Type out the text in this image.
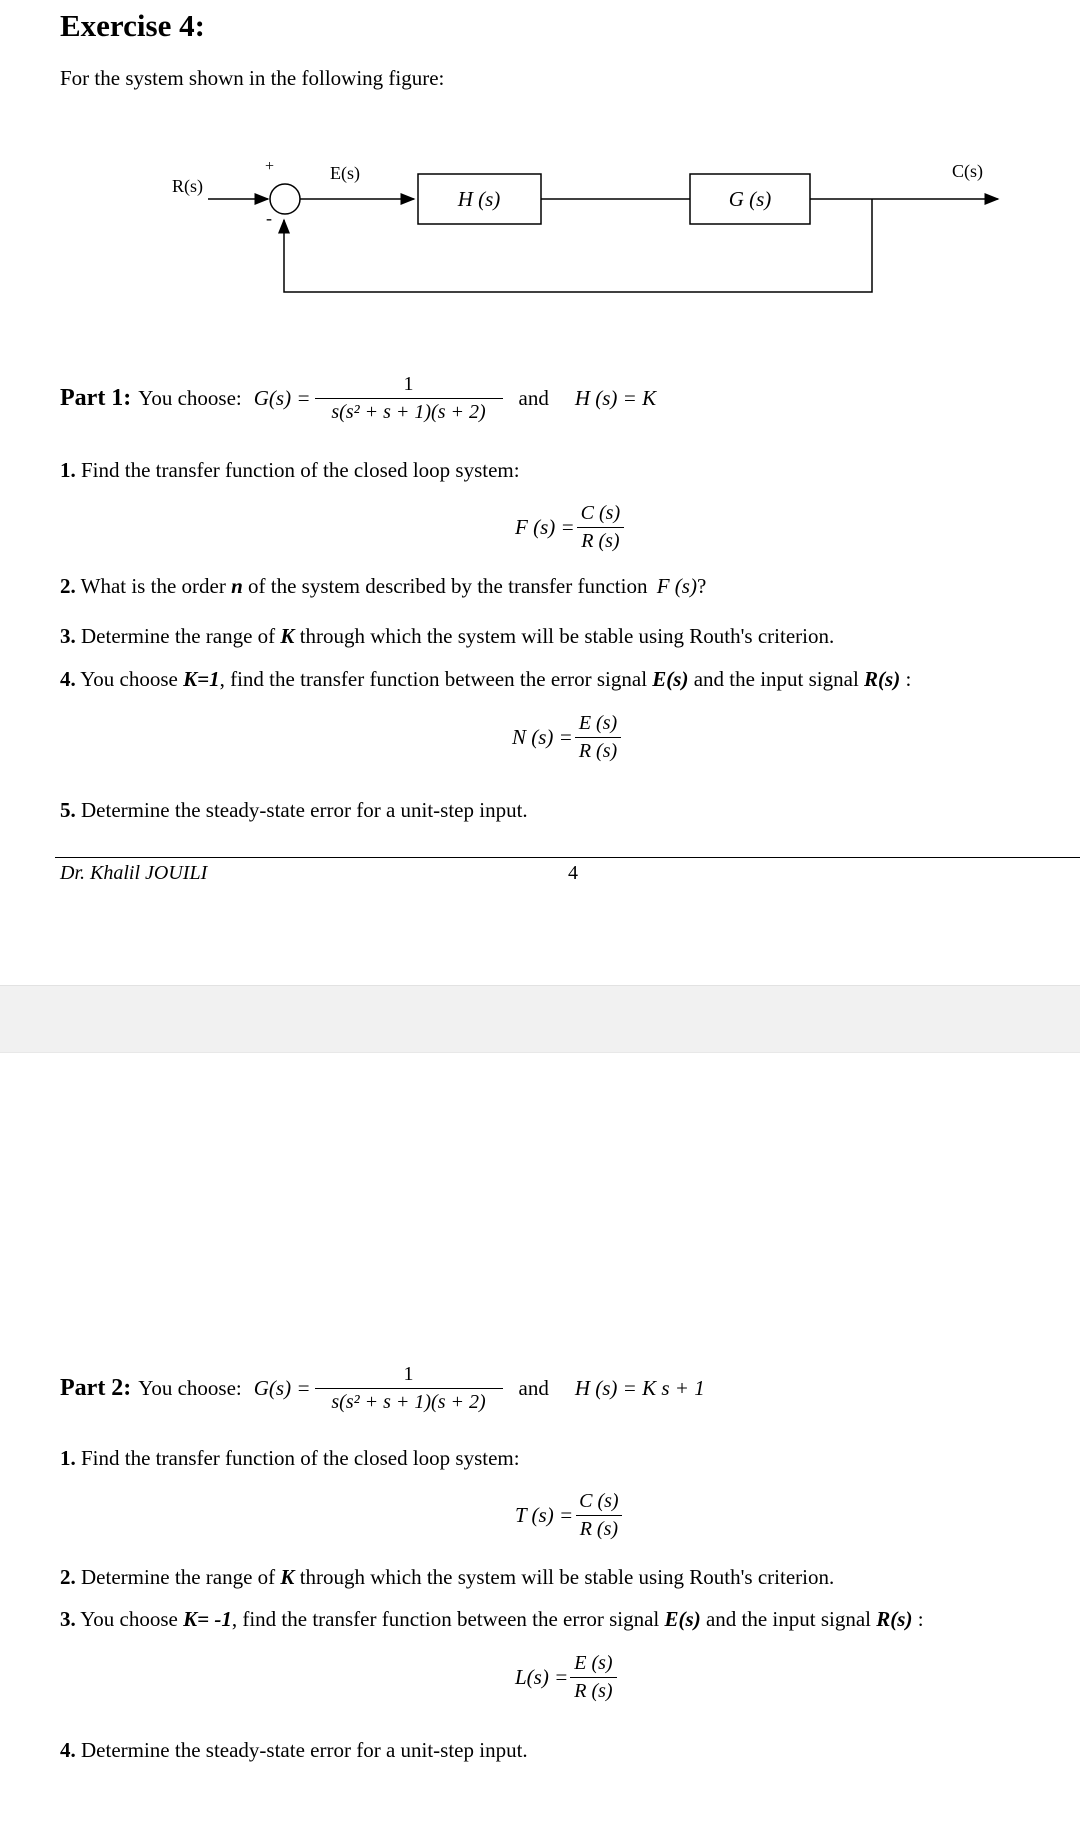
Exercise 4:
For the system shown in the following figure:
R(s)
+
-
E(s)
H (s)	G (s)
C(s)
Part 1: You choose: $G(s) = \frac{1}{\text{s(s² + s + 1)(s + 2)}}$ and H (s) = K
1. Find the transfer function of the closed loop system:
F $(s) = \frac{C (s)}{R (s)}$
2. What is the order n of the system described by the transfer function F (s)?
3. Determine the range of K through which the system will be stable using Routh's criterion.
4. You choose K=1, find the transfer function between the error signal E(s) and the input signal R(s) :
N $(s) = \frac{E (s)}{R (s)}$
5. Determine the steady-state error for a unit-step input.
Dr. Khalil JOUILI	4
Part 2: You choose: $G(s) = \frac{1}{\text{s(s² + s + 1)(s + 2)}}$ and H (s) = K s + 1
1. Find the transfer function of the closed loop system:
T $(s) = \frac{C (s)}{R (s)}$
2. Determine the range of K through which the system will be stable using Routh's criterion.
3. You choose K= -1, find the transfer function between the error signal E(s) and the input signal R(s) :
$L(s) = \frac{E (s)}{R (s)}$
4. Determine the steady-state error for a unit-step input.
